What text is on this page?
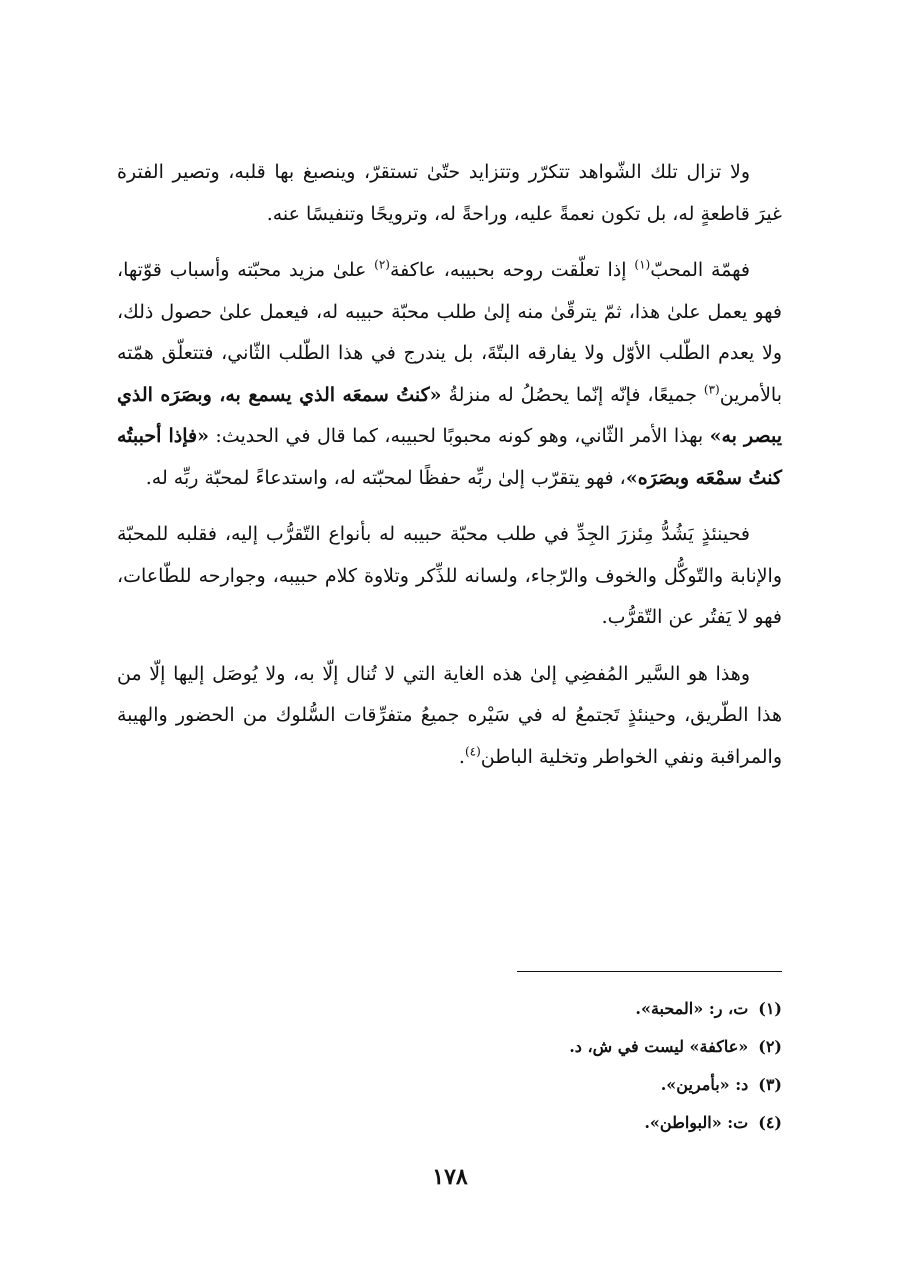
ولا تزال تلك الشّواهد تتكرّر وتتزايد حتّىٰ تستقرّ، وينصبغ بها قلبه، وتصير الفترة غيرَ قاطعةٍ له، بل تكون نعمةً عليه، وراحةً له، وترويحًا وتنفيسًا عنه.

فهمّة المحبّ$^{(١)}$ إذا تعلّقت روحه بحبيبه، عاكفة$^{(٢)}$ علىٰ مزيد محبّته وأسباب قوّتها، فهو يعمل علىٰ هذا، ثمّ يترقّىٰ منه إلىٰ طلب محبّة حبيبه له، فيعمل علىٰ حصول ذلك، ولا يعدم الطّلب الأوّل ولا يفارقه البتّةَ، بل يندرج في هذا الطّلب الثّاني، فتتعلّق همّته بالأمرين$^{(٣)}$ جميعًا، فإنّه إنّما يحصُلُ له منزلةُ «كنتُ سمعَه الذي يسمع به، وبصَرَه الذي يبصر به» بهذا الأمر الثّاني، وهو كونه محبوبًا لحبيبه، كما قال في الحديث: «فإذا أحببتُه كنتُ سمْعَه وبصَرَه»، فهو يتقرّب إلىٰ ربِّه حفظًا لمحبّته له، واستدعاءً لمحبّة ربِّه له.

فحينئذٍ يَشُدُّ مِئزرَ الجِدِّ في طلب محبّة حبيبه له بأنواع التّقرُّب إليه، فقلبه للمحبّة والإنابة والتّوكُّل والخوف والرّجاء، ولسانه للذِّكر وتلاوة كلام حبيبه، وجوارحه للطّاعات، فهو لا يَفتُر عن التّقرُّب.

وهذا هو السَّير المُفضِي إلىٰ هذه الغاية التي لا تُنال إلّا به، ولا يُوصَل إليها إلّا من هذا الطّريق، وحينئذٍ تَجتمعُ له في سَيْره جميعُ متفرِّقات السُّلوك من الحضور والهيبة والمراقبة ونفي الخواطر وتخلية الباطن$^{(٤)}$.

(١)ت، ر: «المحبة».
(٢)«عاكفة» ليست في ش، د.
(٣)د: «بأمرين».
(٤)ت: «البواطن».
١٧٨
